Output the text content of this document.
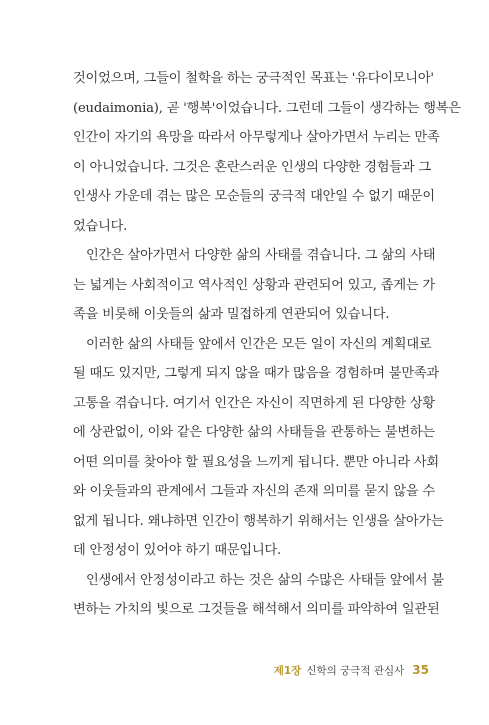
것이었으며, 그들이 철학을 하는 궁극적인 목표는 '유다이모니아'
(eudaimonia), 곧 '행복'이었습니다. 그런데 그들이 생각하는 행복은
인간이 자기의 욕망을 따라서 아무렇게나 살아가면서 누리는 만족
이 아니었습니다. 그것은 혼란스러운 인생의 다양한 경험들과 그
인생사 가운데 겪는 많은 모순들의 궁극적 대안일 수 없기 때문이
었습니다.
인간은 살아가면서 다양한 삶의 사태를 겪습니다. 그 삶의 사태
는 넓게는 사회적이고 역사적인 상황과 관련되어 있고, 좁게는 가
족을 비롯해 이웃들의 삶과 밀접하게 연관되어 있습니다.
이러한 삶의 사태들 앞에서 인간은 모든 일이 자신의 계획대로
될 때도 있지만, 그렇게 되지 않을 때가 많음을 경험하며 불만족과
고통을 겪습니다. 여기서 인간은 자신이 직면하게 된 다양한 상황
에 상관없이, 이와 같은 다양한 삶의 사태들을 관통하는 불변하는
어떤 의미를 찾아야 할 필요성을 느끼게 됩니다. 뿐만 아니라 사회
와 이웃들과의 관계에서 그들과 자신의 존재 의미를 묻지 않을 수
없게 됩니다. 왜냐하면 인간이 행복하기 위해서는 인생을 살아가는
데 안정성이 있어야 하기 때문입니다.
인생에서 안정성이라고 하는 것은 삶의 수많은 사태들 앞에서 불
변하는 가치의 빛으로 그것들을 해석해서 의미를 파악하여 일관된
제1장 신학의 궁극적 관심사 35
